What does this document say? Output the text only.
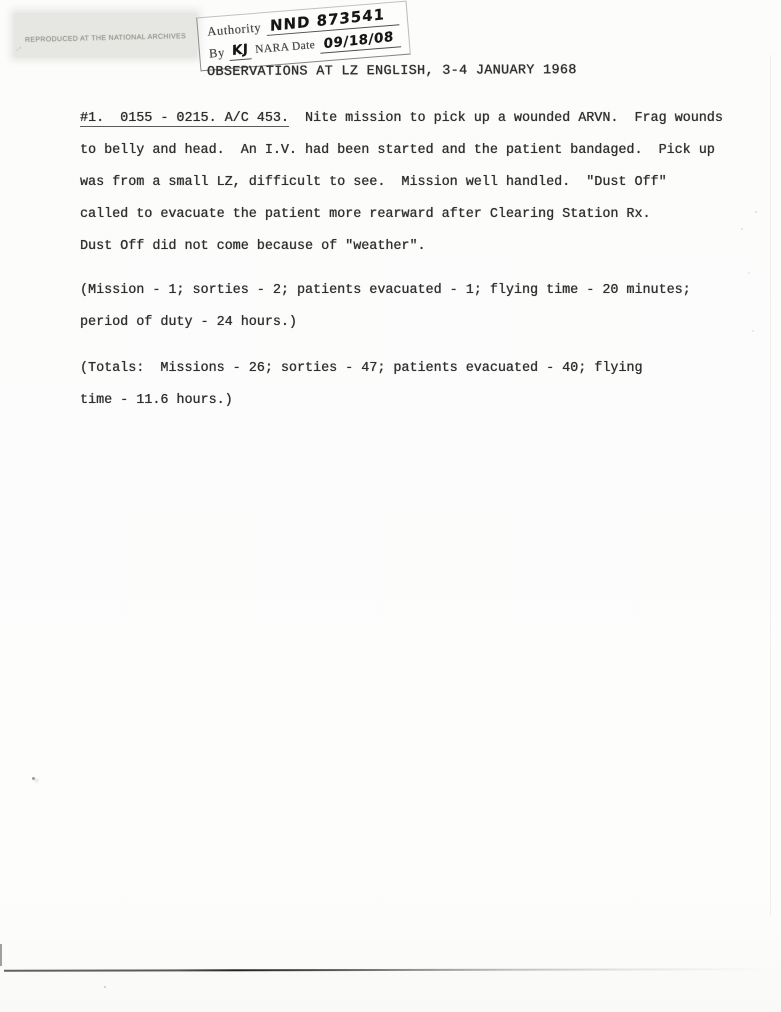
REPRODUCED AT THE NATIONAL ARCHIVES
·′
Authority NND 873541
By KJ NARA Date 09/18/08
OBSERVATIONS AT LZ ENGLISH, 3-4 JANUARY 1968
#1.  0155 - 0215. A/C 453.  Nite mission to pick up a wounded ARVN.  Frag wounds
to belly and head.  An I.V. had been started and the patient bandaged.  Pick up
was from a small LZ, difficult to see.  Mission well handled.  "Dust Off"
called to evacuate the patient more rearward after Clearing Station Rx.
Dust Off did not come because of "weather".
(Mission - 1; sorties - 2; patients evacuated - 1; flying time - 20 minutes;
period of duty - 24 hours.)
(Totals:  Missions - 26; sorties - 47; patients evacuated - 40; flying
time - 11.6 hours.)
